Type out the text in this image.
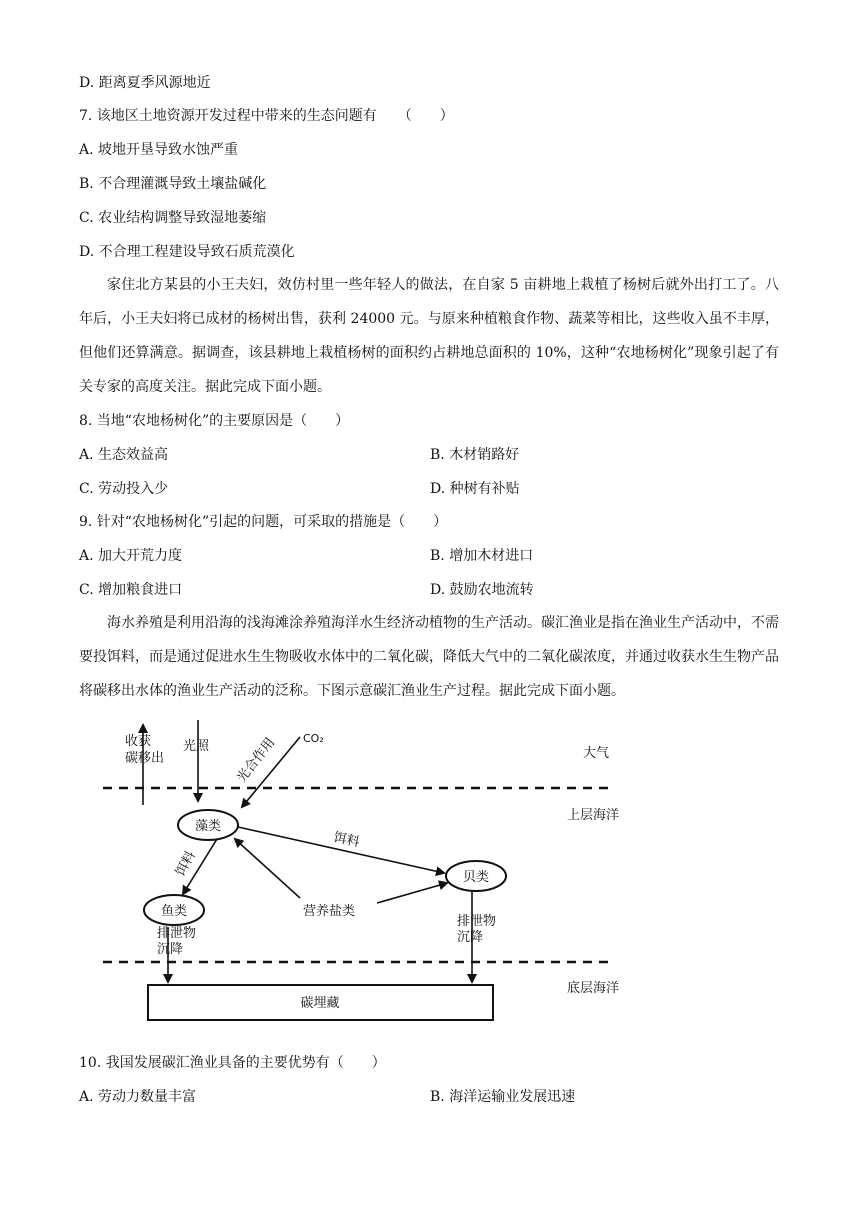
D. 距离夏季风源地近
7. 该地区土地资源开发过程中带来的生态问题有　　（　　）
A. 坡地开垦导致水蚀严重
B. 不合理灌溉导致土壤盐碱化
C. 农业结构调整导致湿地萎缩
D. 不合理工程建设导致石质荒漠化
家住北方某县的小王夫妇，效仿村里一些年轻人的做法，在自家 5 亩耕地上栽植了杨树后就外出打工了。八年后，小王夫妇将已成材的杨树出售，获利 24000 元。与原来种植粮食作物、蔬菜等相比，这些收入虽不丰厚，但他们还算满意。据调查，该县耕地上栽植杨树的面积约占耕地总面积的 10%，这种“农地杨树化”现象引起了有关专家的高度关注。据此完成下面小题。
8. 当地“农地杨树化”的主要原因是（　　）
A. 生态效益高	B. 木材销路好
C. 劳动投入少	D. 种树有补贴
9. 针对“农地杨树化”引起的问题，可采取的措施是（　　）
A. 加大开荒力度	B. 增加木材进口
C. 增加粮食进口	D. 鼓励农地流转
海水养殖是利用沿海的浅海滩涂养殖海洋水生经济动植物的生产活动。碳汇渔业是指在渔业生产活动中，不需要投饵料，而是通过促进水生生物吸收水体中的二氧化碳，降低大气中的二氧化碳浓度，并通过收获水生生物产品将碳移出水体的渔业生产活动的泛称。下图示意碳汇渔业生产过程。据此完成下面小题。
收获
碳移出
光照 光合作用 CO₂
大气
上层海洋
底层海洋
藻类
贝类
鱼类
饵料
饵料
营养盐类
排泄物
沉降
排泄物
沉降
碳埋藏
10. 我国发展碳汇渔业具备的主要优势有（　　）
A. 劳动力数量丰富	B. 海洋运输业发展迅速
